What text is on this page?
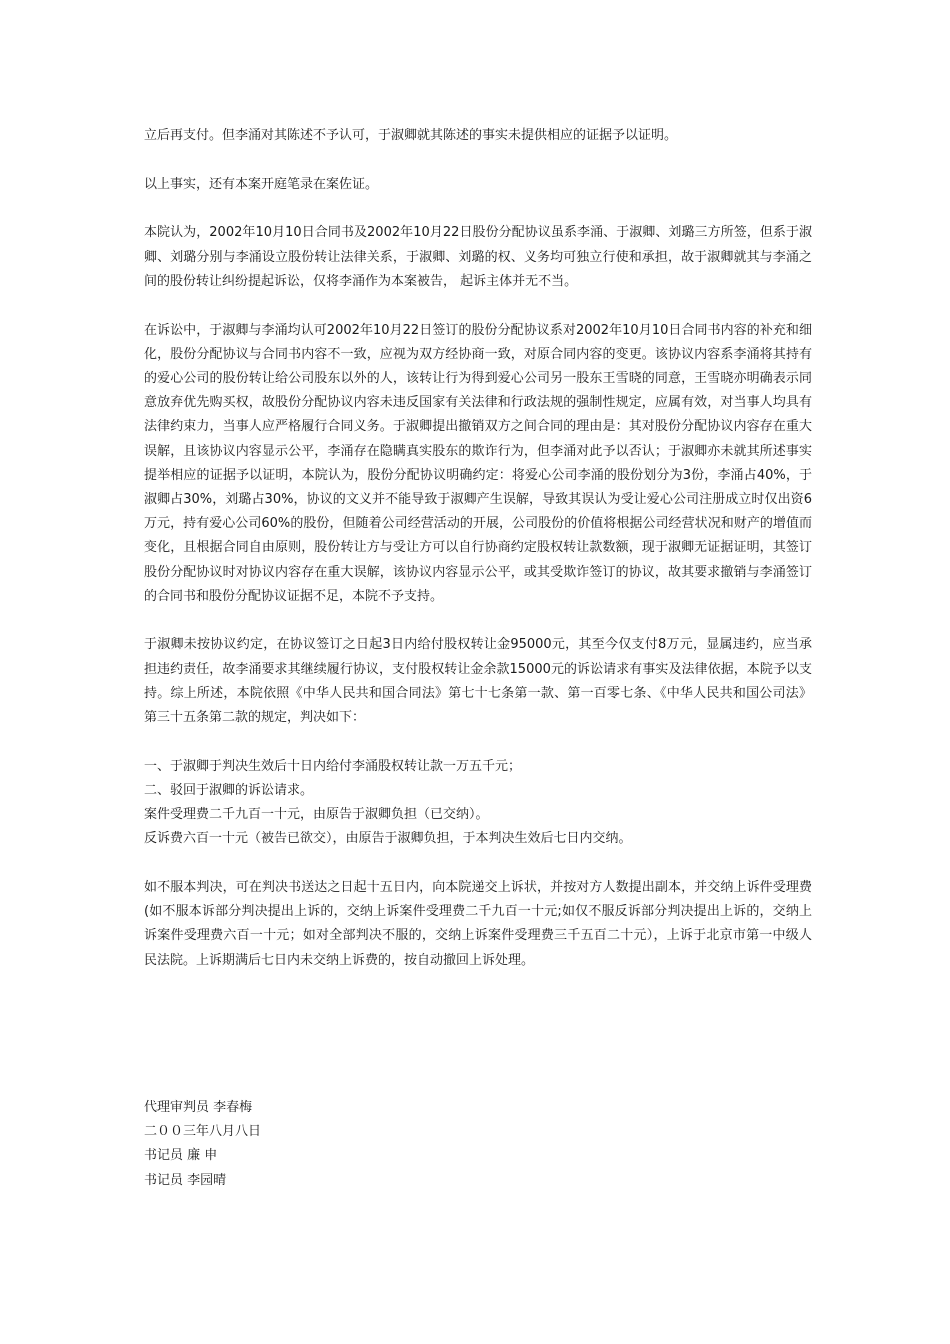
立后再支付。但李涌对其陈述不予认可，于淑卿就其陈述的事实未提供相应的证据予以证明。

以上事实，还有本案开庭笔录在案佐证。

本院认为，2002年10月10日合同书及2002年10月22日股份分配协议虽系李涌、于淑卿、刘璐三方所签，但系于淑卿、刘璐分别与李涌设立股份转让法律关系，于淑卿、刘璐的权、义务均可独立行使和承担，故于淑卿就其与李涌之间的股份转让纠纷提起诉讼，仅将李涌作为本案被告， 起诉主体并无不当。

在诉讼中，于淑卿与李涌均认可2002年10月22日签订的股份分配协议系对2002年10月10日合同书内容的补充和细化，股份分配协议与合同书内容不一致，应视为双方经协商一致，对原合同内容的变更。该协议内容系李涌将其持有的爱心公司的股份转让给公司股东以外的人，该转让行为得到爱心公司另一股东王雪晓的同意，王雪晓亦明确表示同意放弃优先购买权，故股份分配协议内容未违反国家有关法律和行政法规的强制性规定，应属有效，对当事人均具有法律约束力，当事人应严格履行合同义务。于淑卿提出撤销双方之间合同的理由是：其对股份分配协议内容存在重大误解，且该协议内容显示公平，李涌存在隐瞒真实股东的欺诈行为，但李涌对此予以否认；于淑卿亦未就其所述事实提举相应的证据予以证明，本院认为，股份分配协议明确约定：将爱心公司李涌的股份划分为3份，李涌占40%，于淑卿占30%，刘璐占30%，协议的文义并不能导致于淑卿产生误解，导致其误认为受让爱心公司注册成立时仅出资6万元，持有爱心公司60%的股份，但随着公司经营活动的开展，公司股份的价值将根据公司经营状况和财产的增值而变化，且根据合同自由原则，股份转让方与受让方可以自行协商约定股权转让款数额，现于淑卿无证据证明，其签订股份分配协议时对协议内容存在重大误解，该协议内容显示公平，或其受欺诈签订的协议，故其要求撤销与李涌签订的合同书和股份分配协议证据不足，本院不予支持。

于淑卿未按协议约定，在协议签订之日起3日内给付股权转让金95000元，其至今仅支付8万元，显属违约，应当承担违约责任，故李涌要求其继续履行协议，支付股权转让金余款15000元的诉讼请求有事实及法律依据，本院予以支持。综上所述，本院依照《中华人民共和国合同法》第七十七条第一款、第一百零七条、《中华人民共和国公司法》第三十五条第二款的规定，判决如下：

一、于淑卿于判决生效后十日内给付李涌股权转让款一万五千元；

二、驳回于淑卿的诉讼请求。

案件受理费二千九百一十元，由原告于淑卿负担（已交纳）。

反诉费六百一十元（被告已欲交），由原告于淑卿负担，于本判决生效后七日内交纳。

如不服本判决，可在判决书送达之日起十五日内，向本院递交上诉状，并按对方人数提出副本，并交纳上诉件受理费(如不服本诉部分判决提出上诉的，交纳上诉案件受理费二千九百一十元;如仅不服反诉部分判决提出上诉的，交纳上诉案件受理费六百一十元；如对全部判决不服的，交纳上诉案件受理费三千五百二十元），上诉于北京市第一中级人民法院。上诉期满后七日内未交纳上诉费的，按自动撤回上诉处理。

代理审判员 李春梅

二００三年八月八日

书记员 廉 申

书记员 李园晴
